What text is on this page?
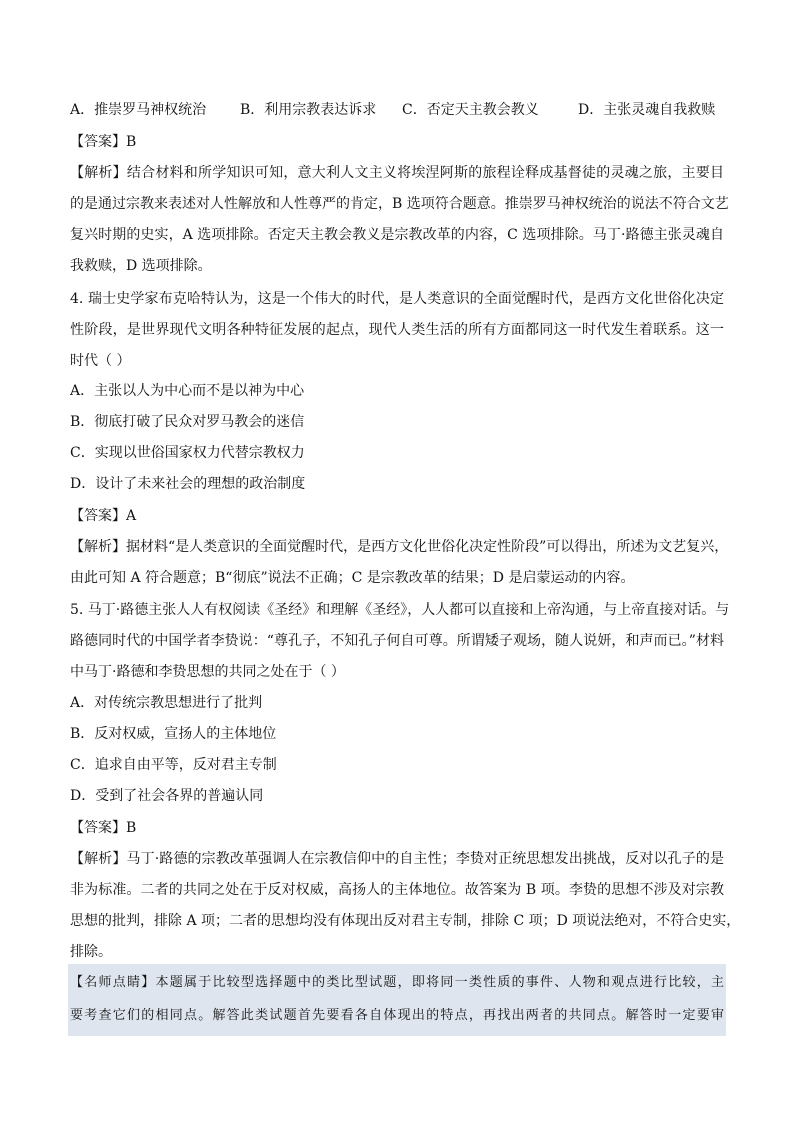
A．推崇罗马神权统治	B．利用宗教表达诉求	C．否定天主教会教义	D．主张灵魂自我救赎
【答案】B
【解析】结合材料和所学知识可知，意大利人文主义将埃涅阿斯的旅程诠释成基督徒的灵魂之旅，主要目
的是通过宗教来表述对人性解放和人性尊严的肯定，B 选项符合题意。推崇罗马神权统治的说法不符合文艺
复兴时期的史实，A 选项排除。否定天主教会教义是宗教改革的内容，C 选项排除。马丁·路德主张灵魂自
我救赎，D 选项排除。
4. 瑞士史学家布克哈特认为，这是一个伟大的时代，是人类意识的全面觉醒时代，是西方文化世俗化决定
性阶段，是世界现代文明各种特征发展的起点，现代人类生活的所有方面都同这一时代发生着联系。这一
时代（ ）
A．主张以人为中心而不是以神为中心
B．彻底打破了民众对罗马教会的迷信
C．实现以世俗国家权力代替宗教权力
D．设计了未来社会的理想的政治制度
【答案】A
【解析】据材料“是人类意识的全面觉醒时代，是西方文化世俗化决定性阶段”可以得出，所述为文艺复兴，
由此可知 A 符合题意；B“彻底”说法不正确；C 是宗教改革的结果；D 是启蒙运动的内容。
5. 马丁·路德主张人人有权阅读《圣经》和理解《圣经》，人人都可以直接和上帝沟通，与上帝直接对话。与
路德同时代的中国学者李贽说：“尊孔子，不知孔子何自可尊。所谓矮子观场，随人说妍，和声而已。”材料
中马丁·路德和李贽思想的共同之处在于（ ）
A．对传统宗教思想进行了批判
B．反对权威，宣扬人的主体地位
C．追求自由平等，反对君主专制
D．受到了社会各界的普遍认同
【答案】B
【解析】马丁·路德的宗教改革强调人在宗教信仰中的自主性；李贽对正统思想发出挑战，反对以孔子的是
非为标准。二者的共同之处在于反对权威，高扬人的主体地位。故答案为 B 项。李贽的思想不涉及对宗教
思想的批判，排除 A 项；二者的思想均没有体现出反对君主专制，排除 C 项；D 项说法绝对，不符合史实，
排除。
【名师点睛】本题属于比较型选择题中的类比型试题，即将同一类性质的事件、人物和观点进行比较，主
要考查它们的相同点。解答此类试题首先要看各自体现出的特点，再找出两者的共同点。解答时一定要审
